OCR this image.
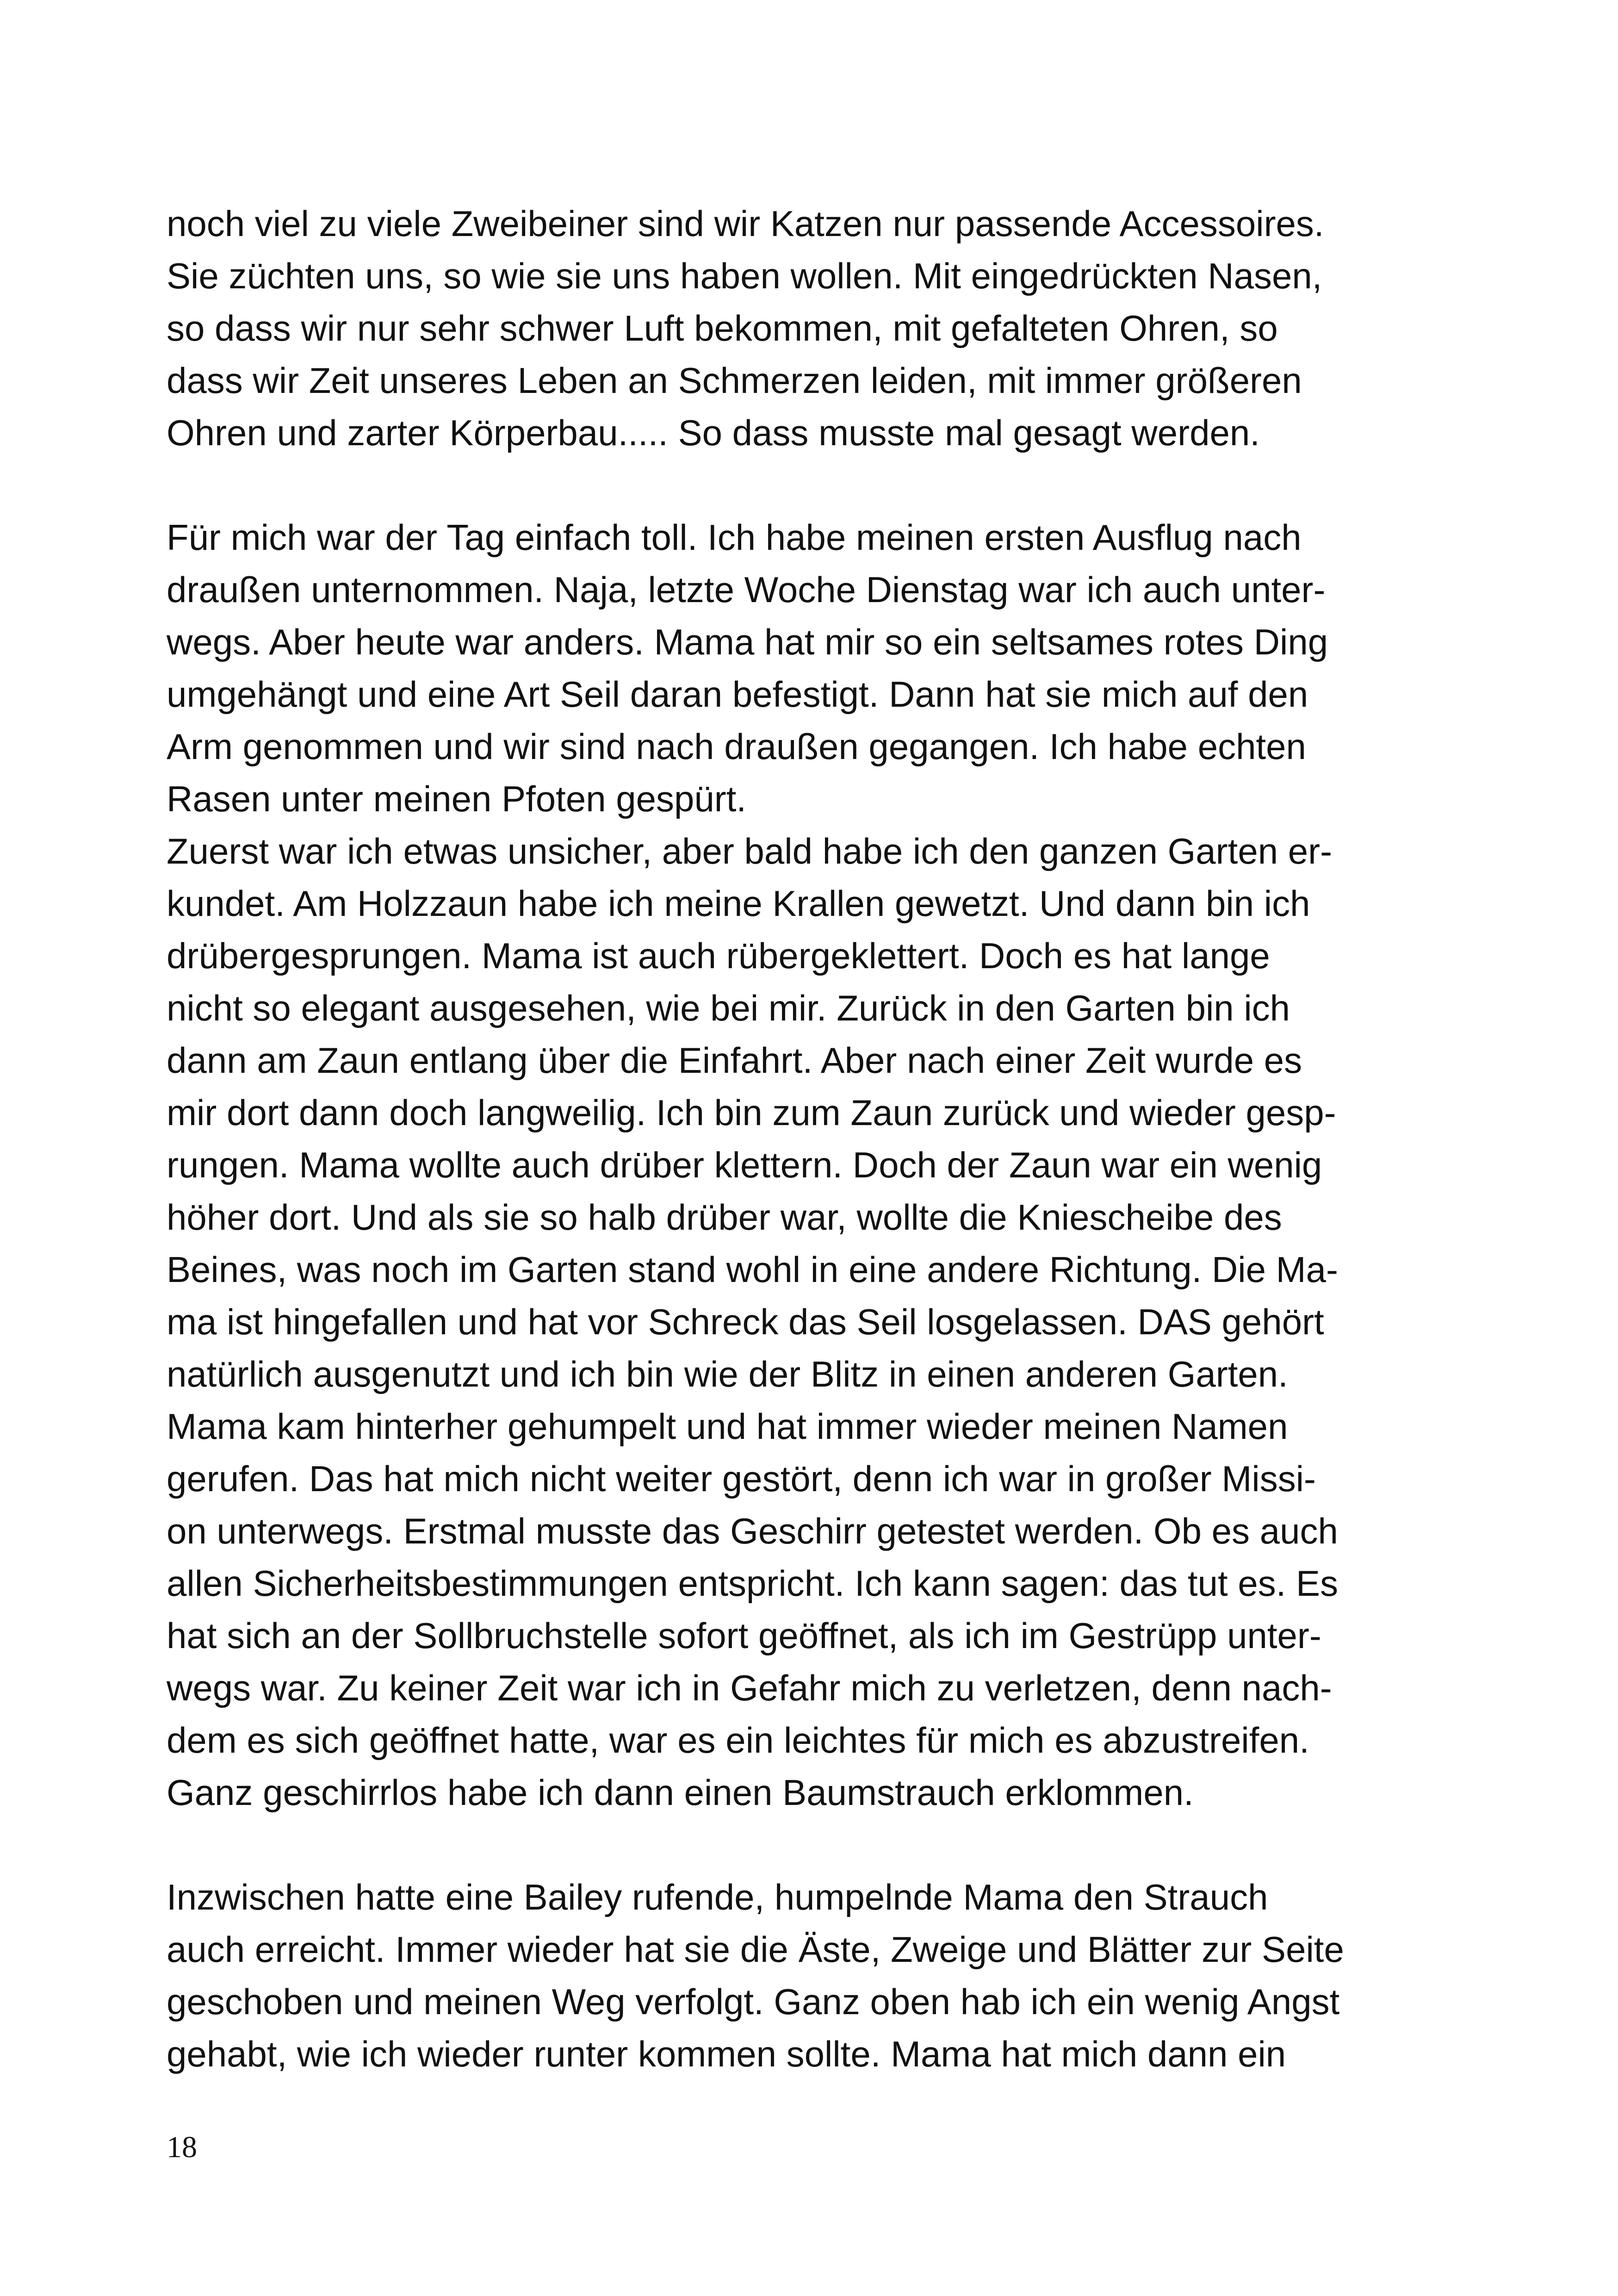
noch viel zu viele Zweibeiner sind wir Katzen nur passende Accessoires.
Sie züchten uns, so wie sie uns haben wollen. Mit eingedrückten Nasen,
so dass wir nur sehr schwer Luft bekommen, mit gefalteten Ohren, so
dass wir Zeit unseres Leben an Schmerzen leiden, mit immer größeren
Ohren und zarter Körperbau..... So dass musste mal gesagt werden.
Für mich war der Tag einfach toll. Ich habe meinen ersten Ausflug nach
draußen unternommen. Naja, letzte Woche Dienstag war ich auch unter-
wegs. Aber heute war anders. Mama hat mir so ein seltsames rotes Ding
umgehängt und eine Art Seil daran befestigt. Dann hat sie mich auf den
Arm genommen und wir sind nach draußen gegangen. Ich habe echten
Rasen unter meinen Pfoten gespürt.
Zuerst war ich etwas unsicher, aber bald habe ich den ganzen Garten er-
kundet. Am Holzzaun habe ich meine Krallen gewetzt. Und dann bin ich
drübergesprungen. Mama ist auch rübergeklettert. Doch es hat lange
nicht so elegant ausgesehen, wie bei mir. Zurück in den Garten bin ich
dann am Zaun entlang über die Einfahrt. Aber nach einer Zeit wurde es
mir dort dann doch langweilig. Ich bin zum Zaun zurück und wieder gesp-
rungen. Mama wollte auch drüber klettern. Doch der Zaun war ein wenig
höher dort. Und als sie so halb drüber war, wollte die Kniescheibe des
Beines, was noch im Garten stand wohl in eine andere Richtung. Die Ma-
ma ist hingefallen und hat vor Schreck das Seil losgelassen. DAS gehört
natürlich ausgenutzt und ich bin wie der Blitz in einen anderen Garten.
Mama kam hinterher gehumpelt und hat immer wieder meinen Namen
gerufen. Das hat mich nicht weiter gestört, denn ich war in großer Missi-
on unterwegs. Erstmal musste das Geschirr getestet werden. Ob es auch
allen Sicherheitsbestimmungen entspricht. Ich kann sagen: das tut es. Es
hat sich an der Sollbruchstelle sofort geöffnet, als ich im Gestrüpp unter-
wegs war. Zu keiner Zeit war ich in Gefahr mich zu verletzen, denn nach-
dem es sich geöffnet hatte, war es ein leichtes für mich es abzustreifen.
Ganz geschirrlos habe ich dann einen Baumstrauch erklommen.
Inzwischen hatte eine Bailey rufende, humpelnde Mama den Strauch
auch erreicht. Immer wieder hat sie die Äste, Zweige und Blätter zur Seite
geschoben und meinen Weg verfolgt. Ganz oben hab ich ein wenig Angst
gehabt, wie ich wieder runter kommen sollte. Mama hat mich dann ein
18
